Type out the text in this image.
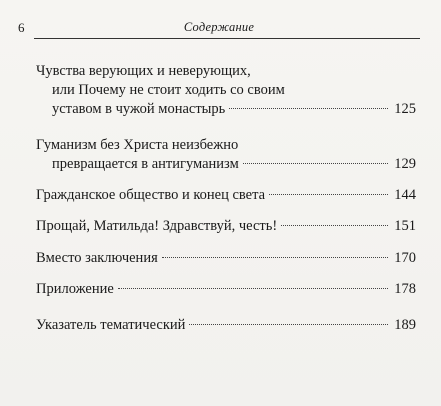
6	Содержание
Чувства верующих и неверующих,
или Почему не стоит ходить со своим
уставом в чужой монастырь	125
Гуманизм без Христа неизбежно
превращается в антигуманизм	129
Гражданское общество и конец света	144
Прощай, Матильда! Здравствуй, честь!	151
Вместо заключения	170
Приложение	178
Указатель тематический	189
